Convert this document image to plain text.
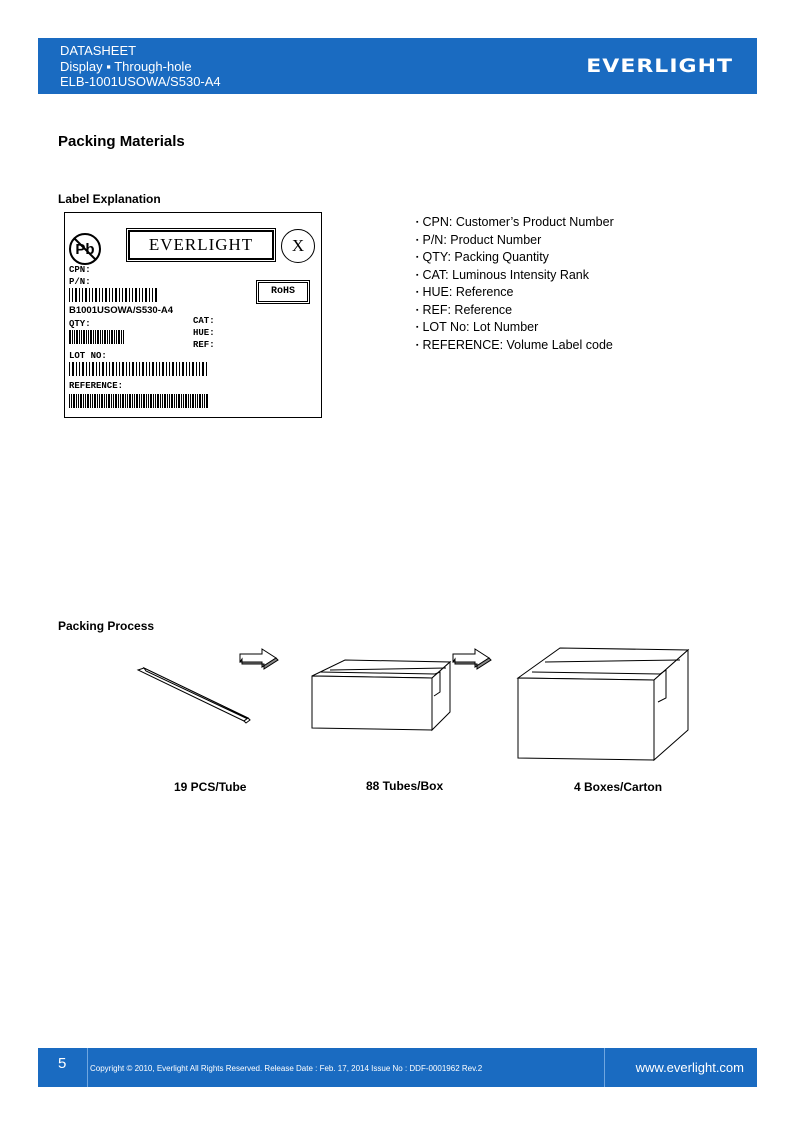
DATASHEET
Display ▪ Through-hole
ELB-1001USOWA/S530-A4
EVERLIGHT
Packing Materials
Label Explanation
Pb	EVERLIGHT	X
CPN:
P/N:
RoHS
B1001USOWA/S530-A4
QTY:	CAT:
HUE:
REF:
LOT NO:
REFERENCE:
▪ CPN: Customer’s Product Number
▪ P/N: Product Number
▪ QTY: Packing Quantity
▪ CAT: Luminous Intensity Rank
▪ HUE: Reference
▪ REF: Reference
▪ LOT No: Lot Number
▪ REFERENCE: Volume Label code
Packing Process
19 PCS/Tube	88 Tubes/Box	4 Boxes/Carton
5	Copyright © 2010, Everlight All Rights Reserved. Release Date : Feb. 17, 2014 Issue No : DDF-0001962 Rev.2	www.everlight.com
